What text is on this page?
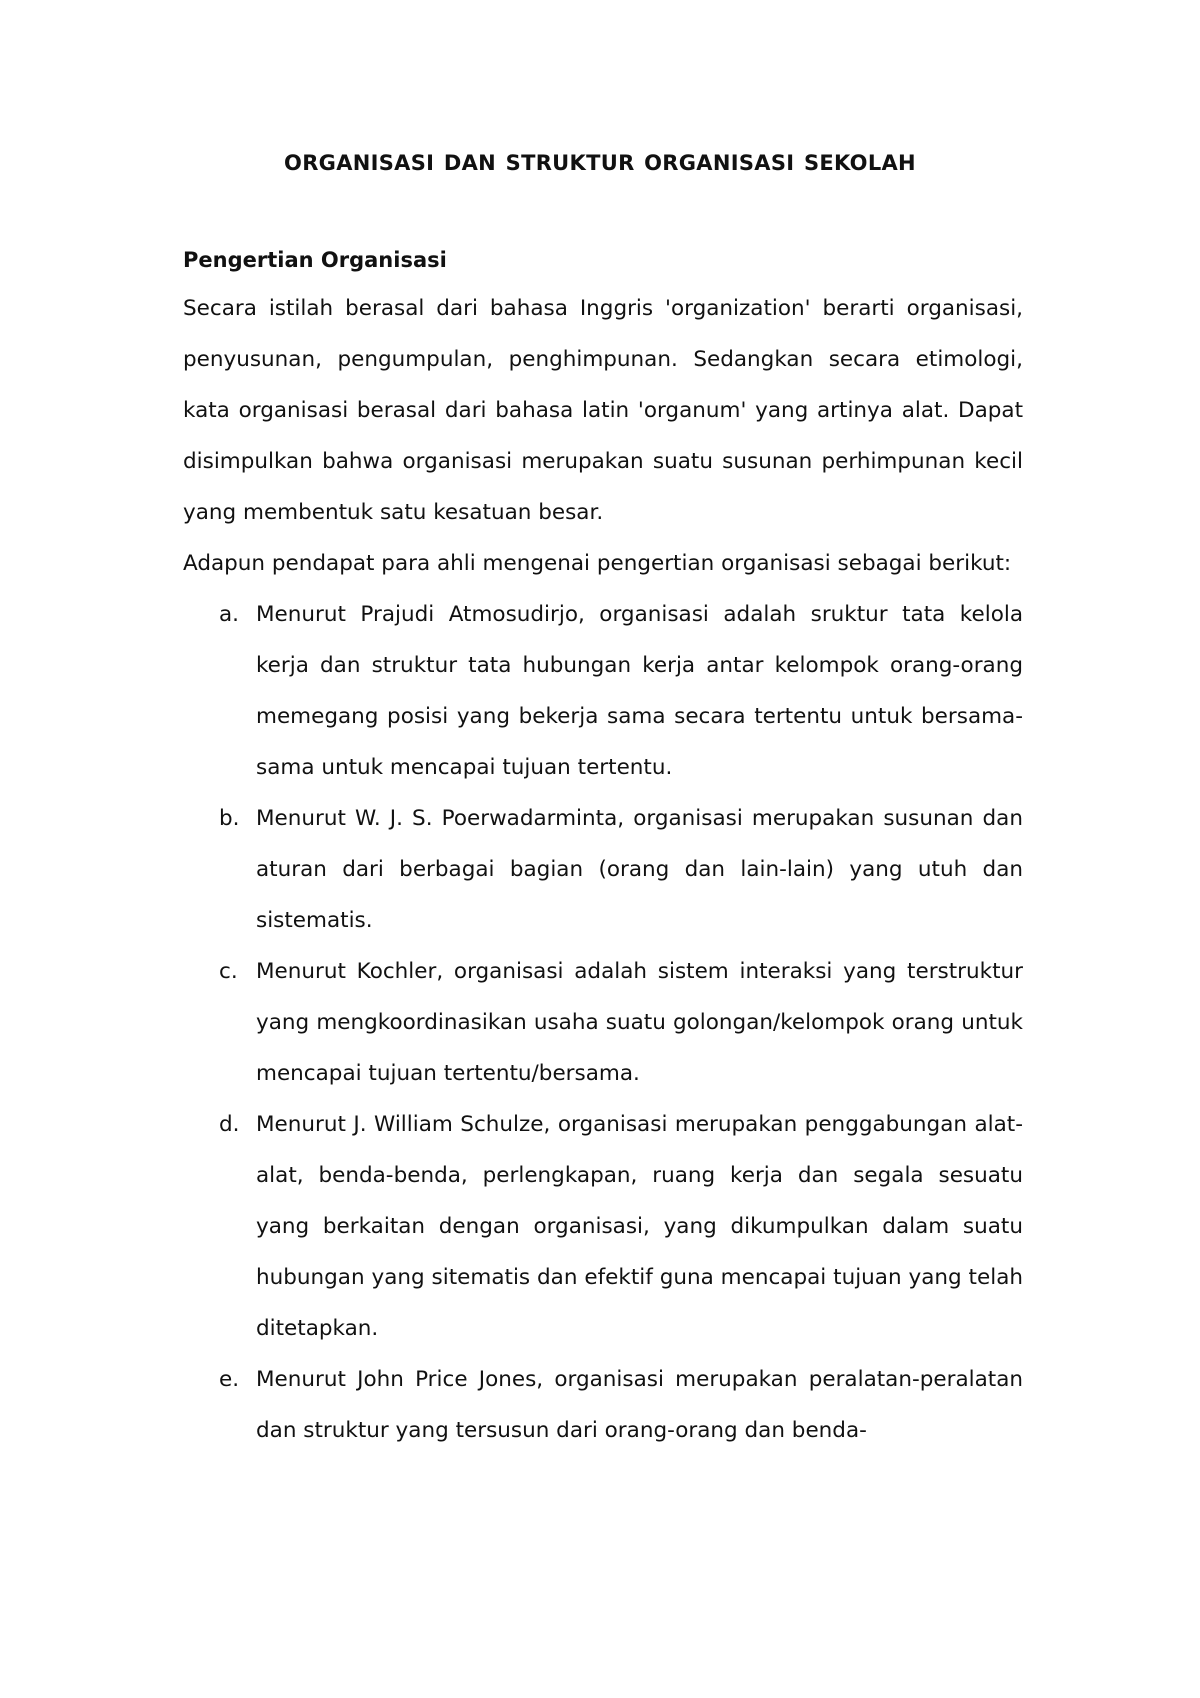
ORGANISASI DAN STRUKTUR ORGANISASI SEKOLAH
Pengertian Organisasi

Secara istilah berasal dari bahasa Inggris 'organization' berarti organisasi, penyusunan, pengumpulan, penghimpunan. Sedangkan secara etimologi, kata organisasi berasal dari bahasa latin 'organum' yang artinya alat. Dapat disimpulkan bahwa organisasi merupakan suatu susunan perhimpunan kecil yang membentuk satu kesatuan besar.

Adapun pendapat para ahli mengenai pengertian organisasi sebagai berikut:

a. Menurut Prajudi Atmosudirjo, organisasi adalah sruktur tata kelola kerja dan struktur tata hubungan kerja antar kelompok orang-orang memegang posisi yang bekerja sama secara tertentu untuk bersama-sama untuk mencapai tujuan tertentu.
b. Menurut W. J. S. Poerwadarminta, organisasi merupakan susunan dan aturan dari berbagai bagian (orang dan lain-lain) yang utuh dan sistematis.
c. Menurut Kochler, organisasi adalah sistem interaksi yang terstruktur yang mengkoordinasikan usaha suatu golongan/kelompok orang untuk mencapai tujuan tertentu/bersama.
d. Menurut J. William Schulze, organisasi merupakan penggabungan alat-alat, benda-benda, perlengkapan, ruang kerja dan segala sesuatu yang berkaitan dengan organisasi, yang dikumpulkan dalam suatu hubungan yang sitematis dan efektif guna mencapai tujuan yang telah ditetapkan.
e. Menurut John Price Jones, organisasi merupakan peralatan-peralatan dan struktur yang tersusun dari orang-orang dan benda-
